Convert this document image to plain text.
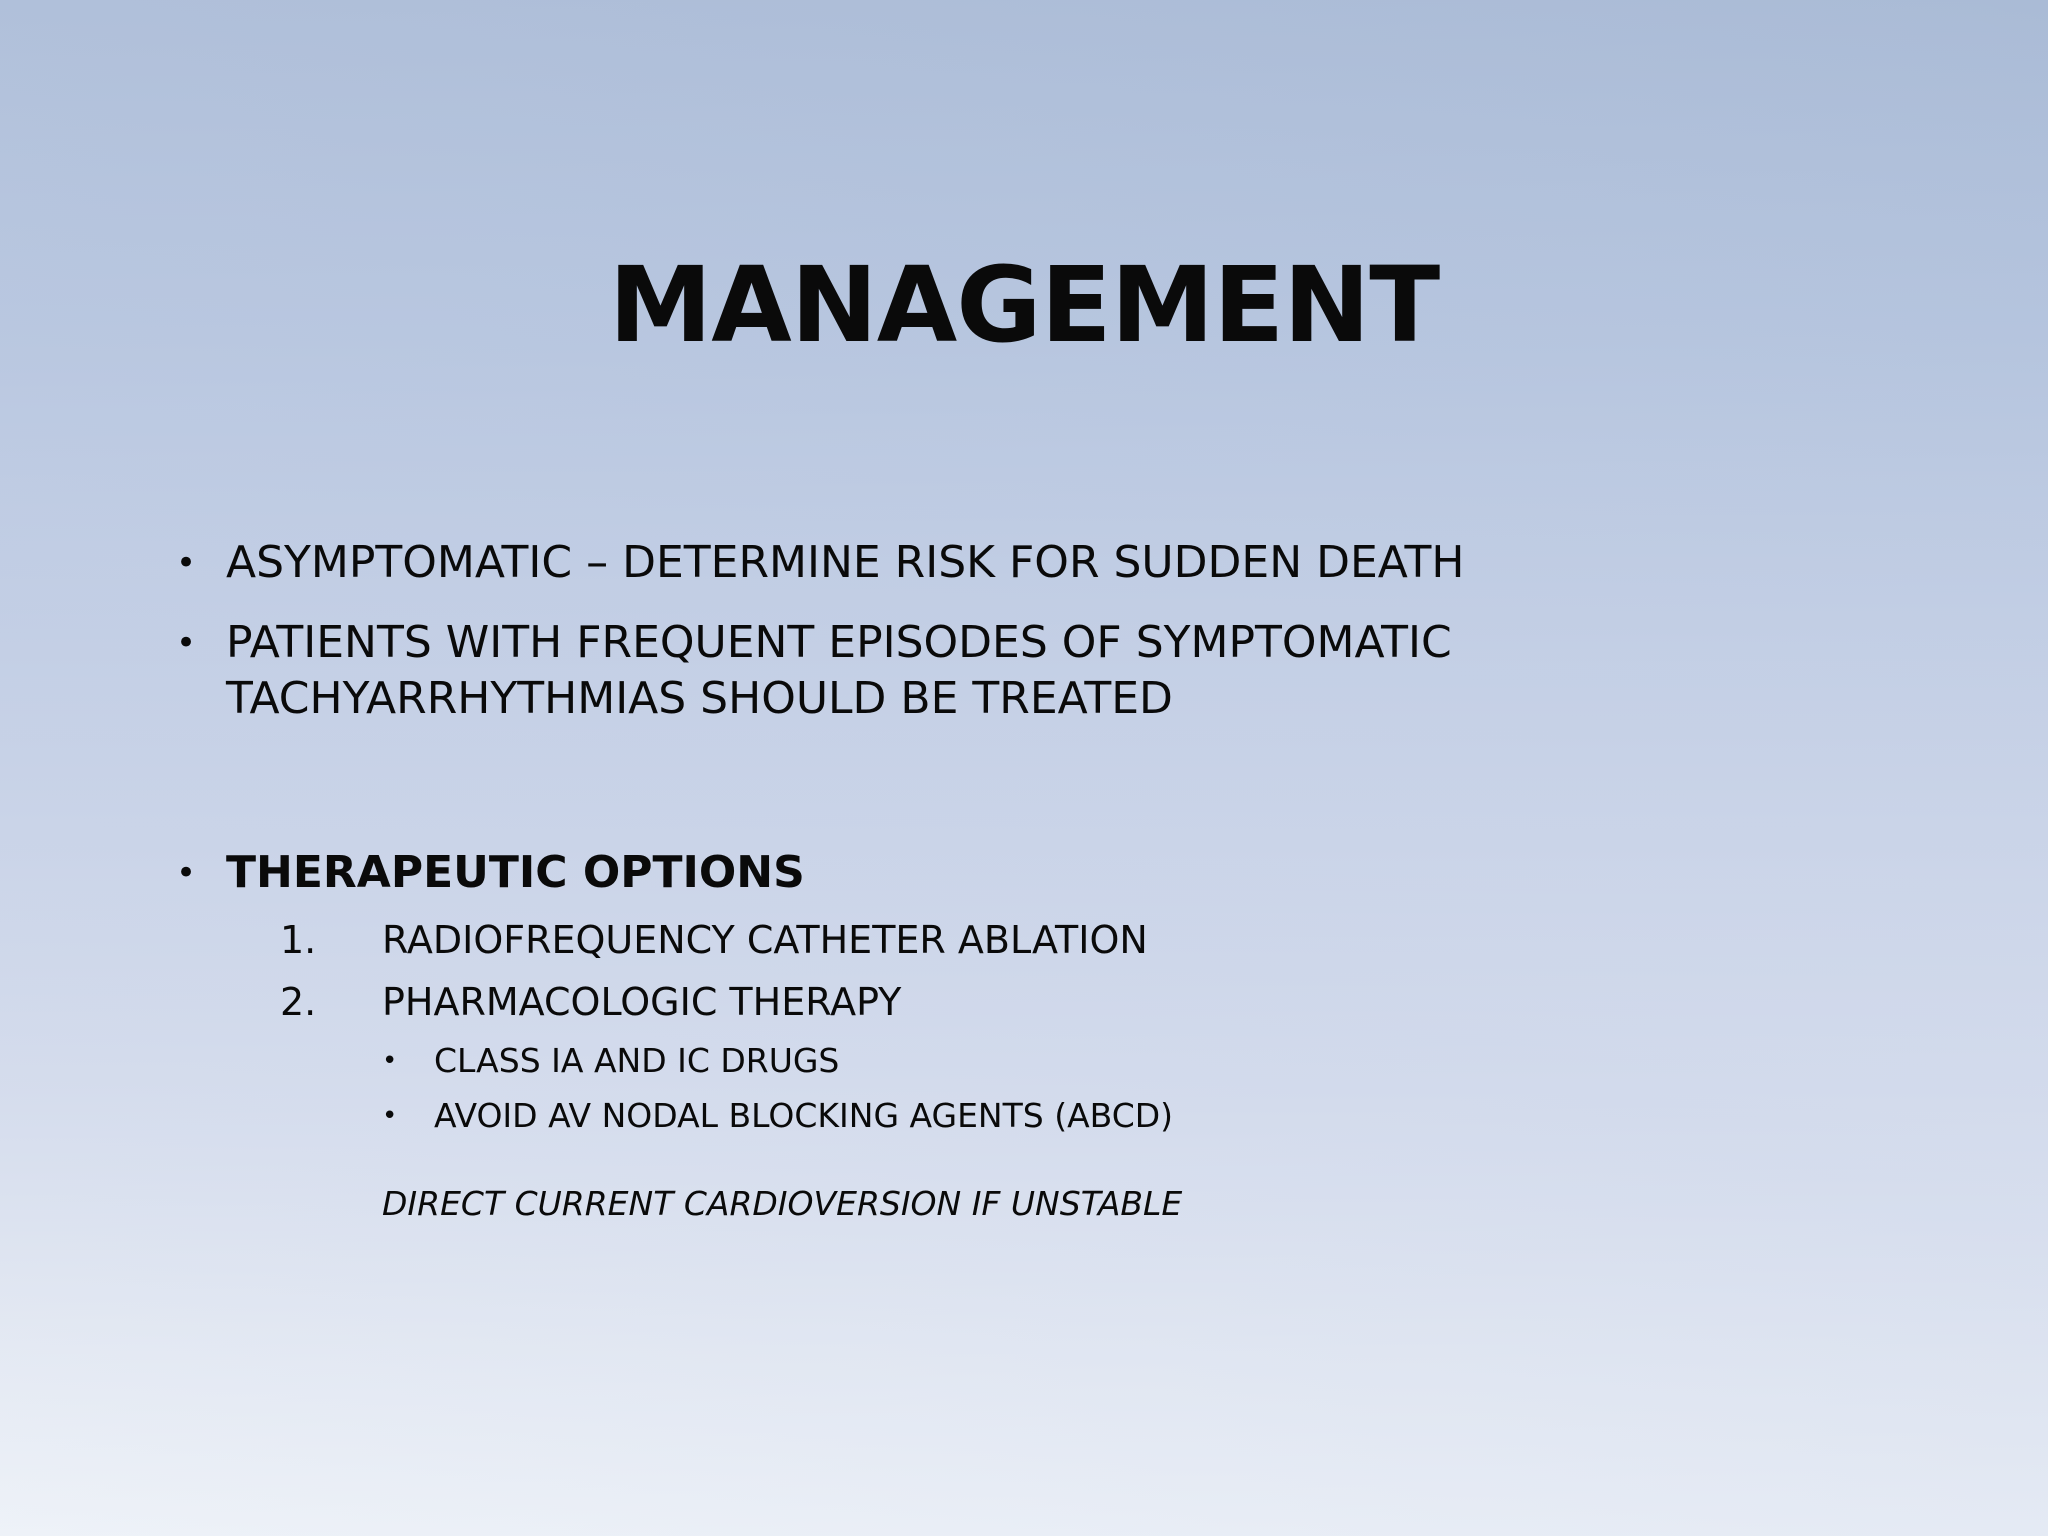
MANAGEMENT
• ASYMPTOMATIC – DETERMINE RISK FOR SUDDEN DEATH
• PATIENTS WITH FREQUENT EPISODES OF SYMPTOMATIC TACHYARRHYTHMIAS SHOULD BE TREATED
• THERAPEUTIC OPTIONS
1. RADIOFREQUENCY CATHETER ABLATION
2. PHARMACOLOGIC THERAPY
• CLASS IA AND IC DRUGS
• AVOID AV NODAL BLOCKING AGENTS (ABCD)
DIRECT CURRENT CARDIOVERSION IF UNSTABLE
